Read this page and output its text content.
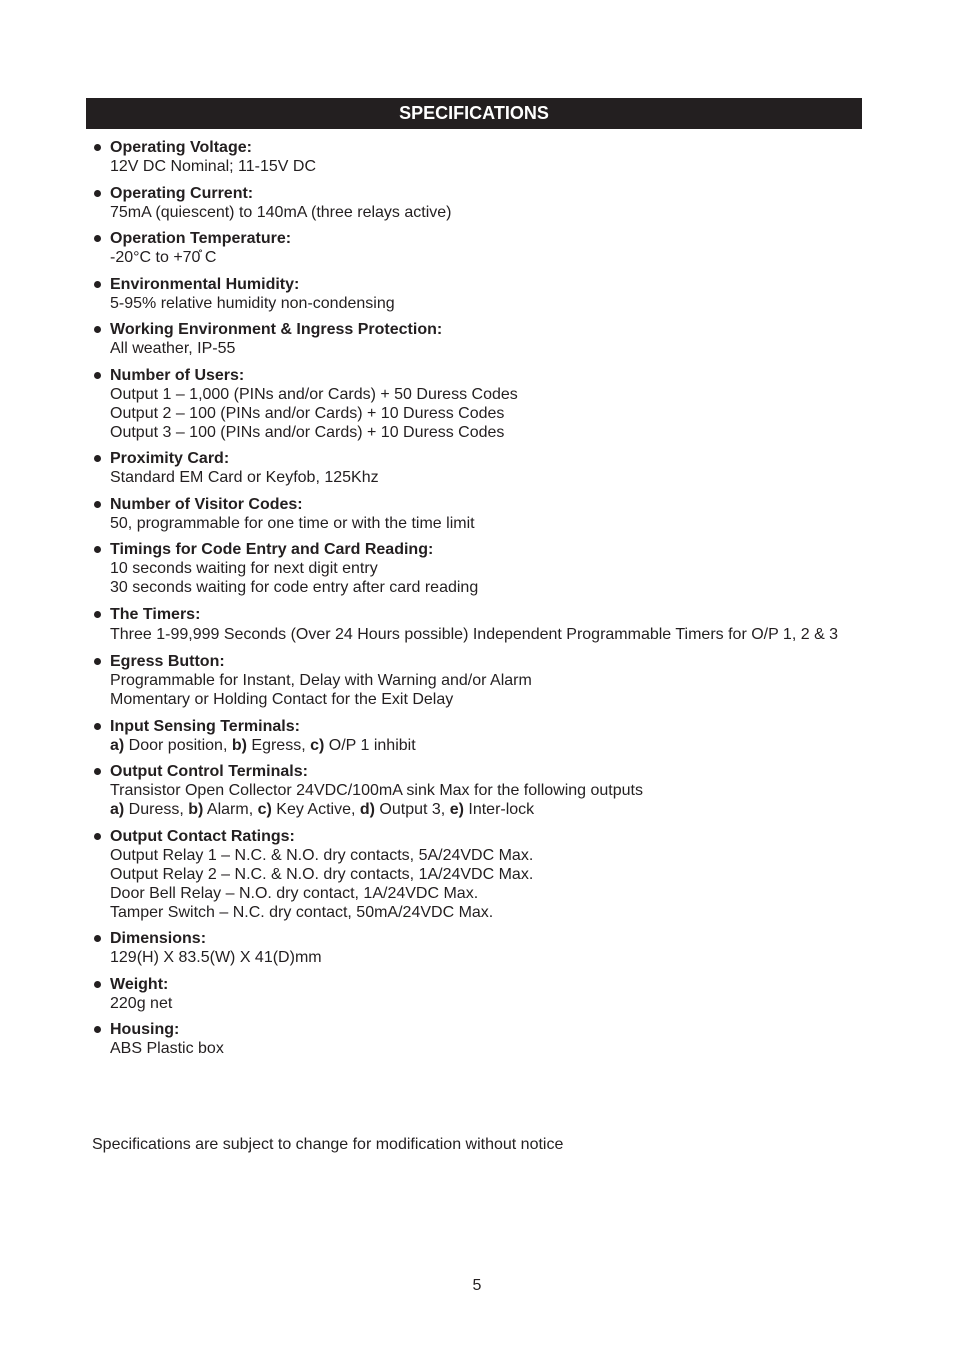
SPECIFICATIONS
Operating Voltage:
12V DC Nominal; 11-15V DC
Operating Current:
75mA (quiescent) to 140mA (three relays active)
Operation Temperature:
-20°C to +70̊ C
Environmental Humidity:
5-95% relative humidity non-condensing
Working Environment & Ingress Protection:
All weather, IP-55
Number of Users:
Output 1 – 1,000 (PINs and/or Cards) + 50 Duress Codes
Output 2 – 100 (PINs and/or Cards) + 10 Duress Codes
Output 3 – 100 (PINs and/or Cards) + 10 Duress Codes
Proximity Card:
Standard EM Card or Keyfob, 125Khz
Number of Visitor Codes:
50, programmable for one time or with the time limit
Timings for Code Entry and Card Reading:
10 seconds waiting for next digit entry
30 seconds waiting for code entry after card reading
The Timers:
Three 1-99,999 Seconds (Over 24 Hours possible) Independent Programmable Timers for O/P 1, 2 & 3
Egress Button:
Programmable for Instant, Delay with Warning and/or Alarm
Momentary or Holding Contact for the Exit Delay
Input Sensing Terminals:
a) Door position, b) Egress, c) O/P 1 inhibit
Output Control Terminals:
Transistor Open Collector 24VDC/100mA sink Max for the following outputs
a) Duress, b) Alarm, c) Key Active, d) Output 3, e) Inter-lock
Output Contact Ratings:
Output Relay 1 – N.C. & N.O. dry contacts, 5A/24VDC Max.
Output Relay 2 – N.C. & N.O. dry contacts, 1A/24VDC Max.
Door Bell Relay – N.O. dry contact, 1A/24VDC Max.
Tamper Switch – N.C. dry contact, 50mA/24VDC Max.
Dimensions:
129(H) X 83.5(W) X 41(D)mm
Weight:
220g net
Housing:
ABS Plastic box
Specifications are subject to change for modification without notice
5
